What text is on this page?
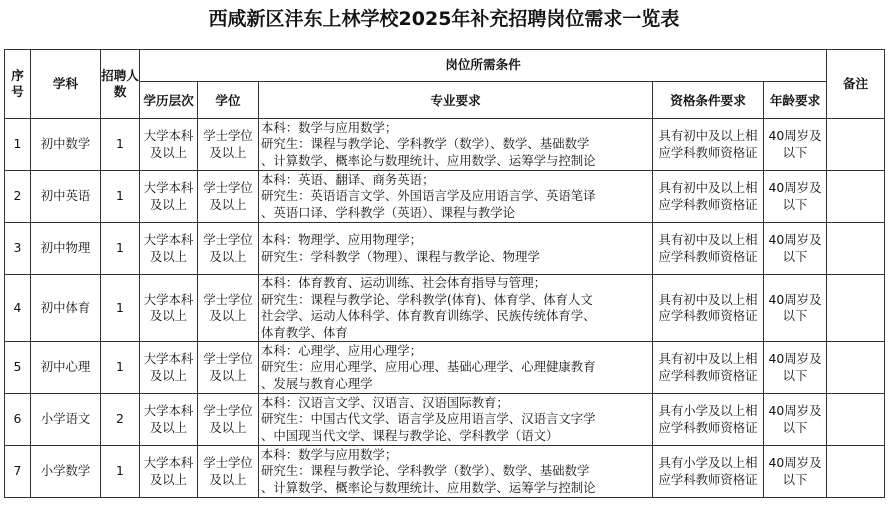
西咸新区沣东上林学校2025年补充招聘岗位需求一览表
序号	学科	招聘人数	岗位所需条件					备注
			学历层次	学位	专业要求	资格条件要求	年龄要求	
1	初中数学	1	大学本科及以上	学士学位及以上	本科：数学与应用数学；
研究生：课程与教学论、学科教学（数学）、数学、基础数学
、计算数学、概率论与数理统计、应用数学、运筹学与控制论	具有初中及以上相应学科教师资格证	40周岁及以下	
2	初中英语	1	大学本科及以上	学士学位及以上	本科：英语、翻译、商务英语；
研究生：英语语言文学、外国语言学及应用语言学、英语笔译
、英语口译、学科教学（英语）、课程与教学论	具有初中及以上相应学科教师资格证	40周岁及以下	
3	初中物理	1	大学本科及以上	学士学位及以上	本科：物理学、应用物理学；
研究生：学科教学（物理）、课程与教学论、物理学	具有初中及以上相应学科教师资格证	40周岁及以下	
4	初中体育	1	大学本科及以上	学士学位及以上	本科：体育教育、运动训练、社会体育指导与管理；
研究生：课程与教学论、学科教学(体育)、体育学、体育人文
社会学、运动人体科学、体育教育训练学、民族传统体育学、
体育教学、体育	具有初中及以上相应学科教师资格证	40周岁及以下	
5	初中心理	1	大学本科及以上	学士学位及以上	本科：心理学、应用心理学；
研究生：应用心理学、应用心理、基础心理学、心理健康教育
、发展与教育心理学	具有初中及以上相应学科教师资格证	40周岁及以下	
6	小学语文	2	大学本科及以上	学士学位及以上	本科：汉语言文学、汉语言、汉语国际教育；
研究生：中国古代文学、语言学及应用语言学、汉语言文字学
、中国现当代文学、课程与教学论、学科教学（语文）	具有小学及以上相应学科教师资格证	40周岁及以下	
7	小学数学	1	大学本科及以上	学士学位及以上	本科：数学与应用数学；
研究生：课程与教学论、学科教学（数学）、数学、基础数学
、计算数学、概率论与数理统计、应用数学、运筹学与控制论	具有小学及以上相应学科教师资格证	40周岁及以下	
